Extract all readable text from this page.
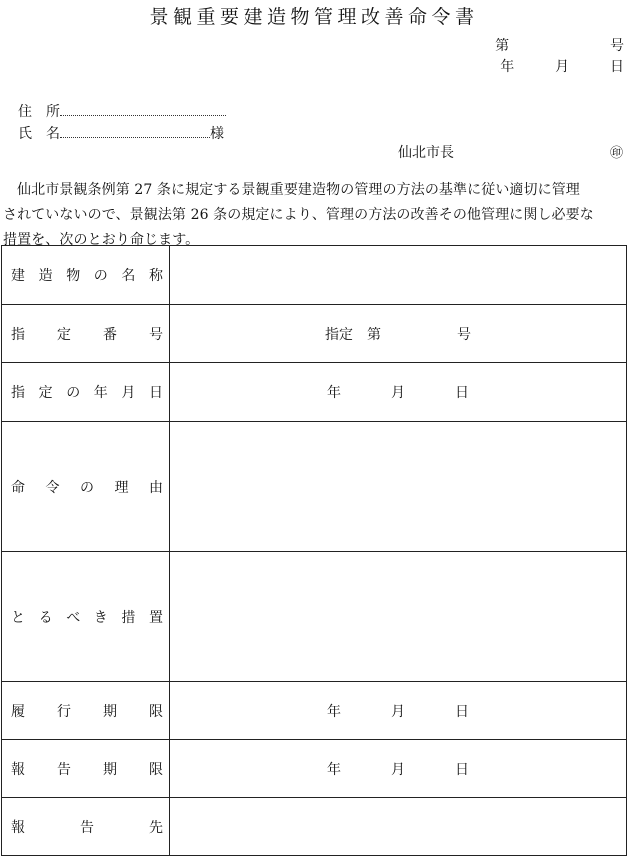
景観重要建造物管理改善命令書
第	号
年	月	日
住　所
氏　名	様
仙北市長	㊞
仙北市景観条例第 27 条に規定する景観重要建造物の管理の方法の基準に従い適切に管理
されていないので、景観法第 26 条の規定により、管理の方法の改善その他管理に関し必要な
措置を、次のとおり命じます。
建造物の名称	
指定番号	指定　第 号
指定の年月日	年 月 日
命令の理由	
とるべき措置	
履行期限	年 月 日
報告期限	年 月 日
報告先	
